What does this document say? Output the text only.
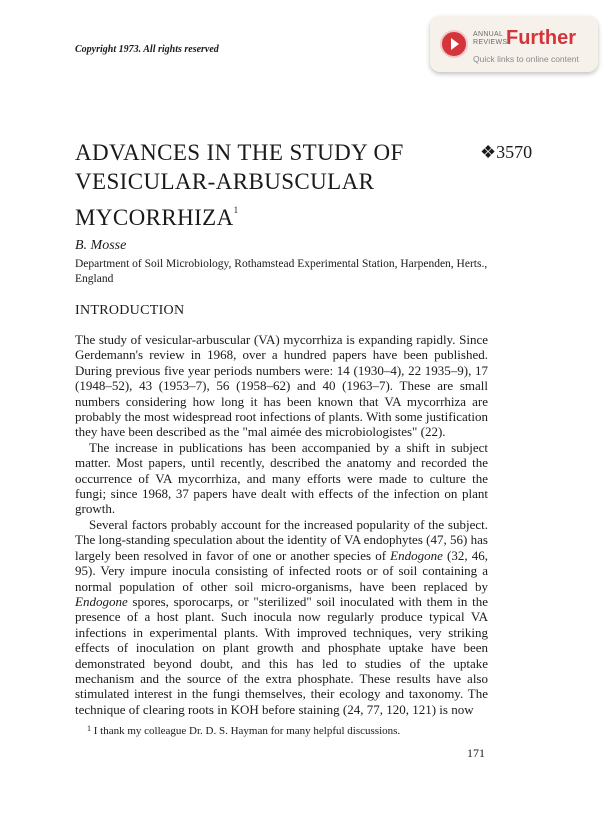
Copyright 1973. All rights reserved
ANNUAL
REVIEWS
Further
Quick links to online content
ADVANCES IN THE STUDY OF
VESICULAR-ARBUSCULAR
MYCORRHIZA$^1$
❖3570
B. Mosse
Department of Soil Microbiology, Rothamstead Experimental Station, Harpenden, Herts., England
INTRODUCTION

The study of vesicular-arbuscular (VA) mycorrhiza is expanding rapidly. Since Gerdemann's review in 1968, over a hundred papers have been published. During previous five year periods numbers were: 14 (1930–4), 22 1935–9), 17 (1948–52), 43 (1953–7), 56 (1958–62) and 40 (1963–7). These are small numbers considering how long it has been known that VA mycorrhiza are probably the most widespread root infections of plants. With some justification they have been described as the "mal aimée des microbiologistes" (22).

The increase in publications has been accompanied by a shift in subject matter. Most papers, until recently, described the anatomy and recorded the occurrence of VA mycorrhiza, and many efforts were made to culture the fungi; since 1968, 37 papers have dealt with effects of the infection on plant growth.

Several factors probably account for the increased popularity of the subject. The long-standing speculation about the identity of VA endophytes (47, 56) has largely been resolved in favor of one or another species of Endogone (32, 46, 95). Very impure inocula consisting of infected roots or of soil containing a normal population of other soil micro-organisms, have been replaced by Endogone spores, sporocarps, or "sterilized" soil inoculated with them in the presence of a host plant. Such inocula now regularly produce typical VA infections in experimental plants. With improved techniques, very striking effects of inoculation on plant growth and phosphate uptake have been demonstrated beyond doubt, and this has led to studies of the uptake mechanism and the source of the extra phosphate. These results have also stimulated interest in the fungi themselves, their ecology and taxonomy. The technique of clearing roots in KOH before staining (24, 77, 120, 121) is now

$^1$ I thank my colleague Dr. D. S. Hayman for many helpful discussions.
171
